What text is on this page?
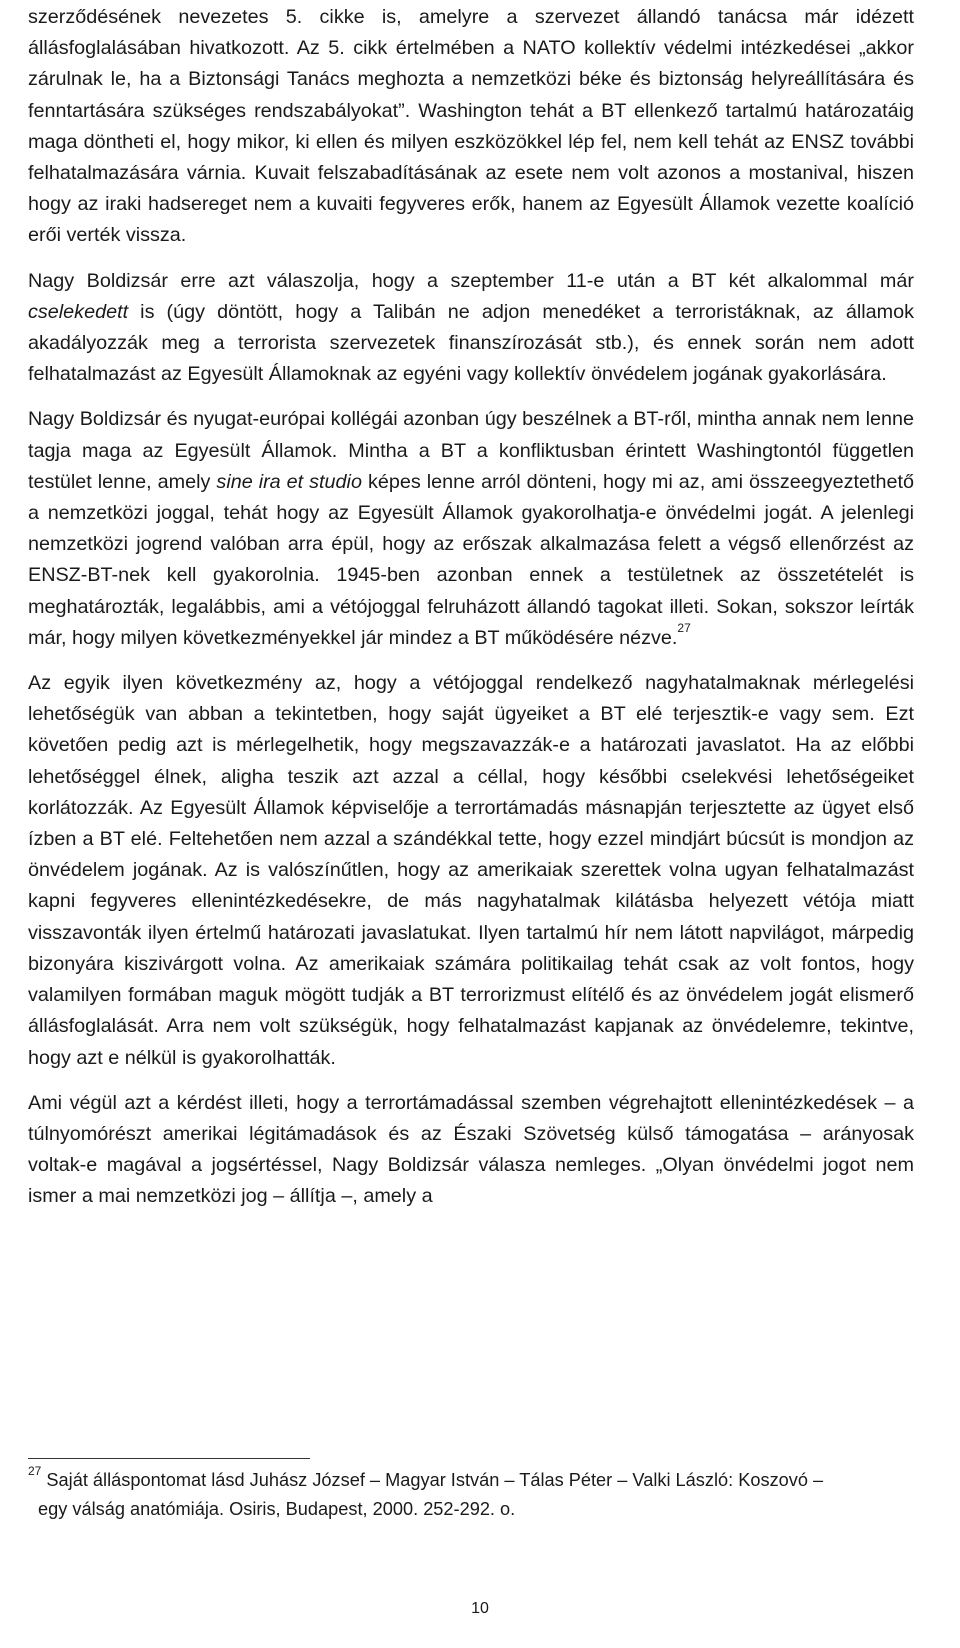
szerződésének nevezetes 5. cikke is, amelyre a szervezet állandó tanácsa már idézett állásfoglalásában hivatkozott. Az 5. cikk értelmében a NATO kollektív védelmi intézkedései „akkor zárulnak le, ha a Biztonsági Tanács meghozta a nemzetközi béke és biztonság helyreállítására és fenntartására szükséges rendszabályokat”. Washington tehát a BT ellenkező tartalmú határozatáig maga döntheti el, hogy mikor, ki ellen és milyen eszközökkel lép fel, nem kell tehát az ENSZ további felhatalmazására várnia. Kuvait felszabadításának az esete nem volt azonos a mostanival, hiszen hogy az iraki hadsereget nem a kuvaiti fegyveres erők, hanem az Egyesült Államok vezette koalíció erői verték vissza.

Nagy Boldizsár erre azt válaszolja, hogy a szeptember 11-e után a BT két alkalommal már cselekedett is (úgy döntött, hogy a Talibán ne adjon menedéket a terroristáknak, az államok akadályozzák meg a terrorista szervezetek finanszírozását stb.), és ennek során nem adott felhatalmazást az Egyesült Államoknak az egyéni vagy kollektív önvédelem jogának gyakorlására.

Nagy Boldizsár és nyugat-európai kollégái azonban úgy beszélnek a BT-ről, mintha annak nem lenne tagja maga az Egyesült Államok. Mintha a BT a konfliktusban érintett Washingtontól független testület lenne, amely sine ira et studio képes lenne arról dönteni, hogy mi az, ami összeegyeztethető a nemzetközi joggal, tehát hogy az Egyesült Államok gyakorolhatja-e önvédelmi jogát. A jelenlegi nemzetközi jogrend valóban arra épül, hogy az erőszak alkalmazása felett a végső ellenőrzést az ENSZ-BT-nek kell gyakorolnia. 1945-ben azonban ennek a testületnek az összetételét is meghatározták, legalábbis, ami a vétójoggal felruházott állandó tagokat illeti. Sokan, sokszor leírták már, hogy milyen következményekkel jár mindez a BT működésére nézve.$^{27}$

Az egyik ilyen következmény az, hogy a vétójoggal rendelkező nagyhatalmaknak mérlegelési lehetőségük van abban a tekintetben, hogy saját ügyeiket a BT elé terjesztik-e vagy sem. Ezt követően pedig azt is mérlegelhetik, hogy megszavazzák-e a határozati javaslatot. Ha az előbbi lehetőséggel élnek, aligha teszik azt azzal a céllal, hogy későbbi cselekvési lehetőségeiket korlátozzák. Az Egyesült Államok képviselője a terrortámadás másnapján terjesztette az ügyet első ízben a BT elé. Feltehetően nem azzal a szándékkal tette, hogy ezzel mindjárt búcsút is mondjon az önvédelem jogának. Az is valószínűtlen, hogy az amerikaiak szerettek volna ugyan felhatalmazást kapni fegyveres ellenintézkedésekre, de más nagyhatalmak kilátásba helyezett vétója miatt visszavonták ilyen értelmű határozati javaslatukat. Ilyen tartalmú hír nem látott napvilágot, márpedig bizonyára kiszivárgott volna. Az amerikaiak számára politikailag tehát csak az volt fontos, hogy valamilyen formában maguk mögött tudják a BT terrorizmust elítélő és az önvédelem jogát elismerő állásfoglalását. Arra nem volt szükségük, hogy felhatalmazást kapjanak az önvédelemre, tekintve, hogy azt e nélkül is gyakorolhatták.

Ami végül azt a kérdést illeti, hogy a terrortámadással szemben végrehajtott ellenintézkedések – a túlnyomórészt amerikai légitámadások és az Északi Szövetség külső támogatása – arányosak voltak-e magával a jogsértéssel, Nagy Boldizsár válasza nemleges. „Olyan önvédelmi jogot nem ismer a mai nemzetközi jog – állítja –, amely a

$^{27}$ Saját álláspontomat lásd Juhász József – Magyar István – Tálas Péter – Valki László: Koszovó –
egy válság anatómiája. Osiris, Budapest, 2000. 252-292. o.
10
